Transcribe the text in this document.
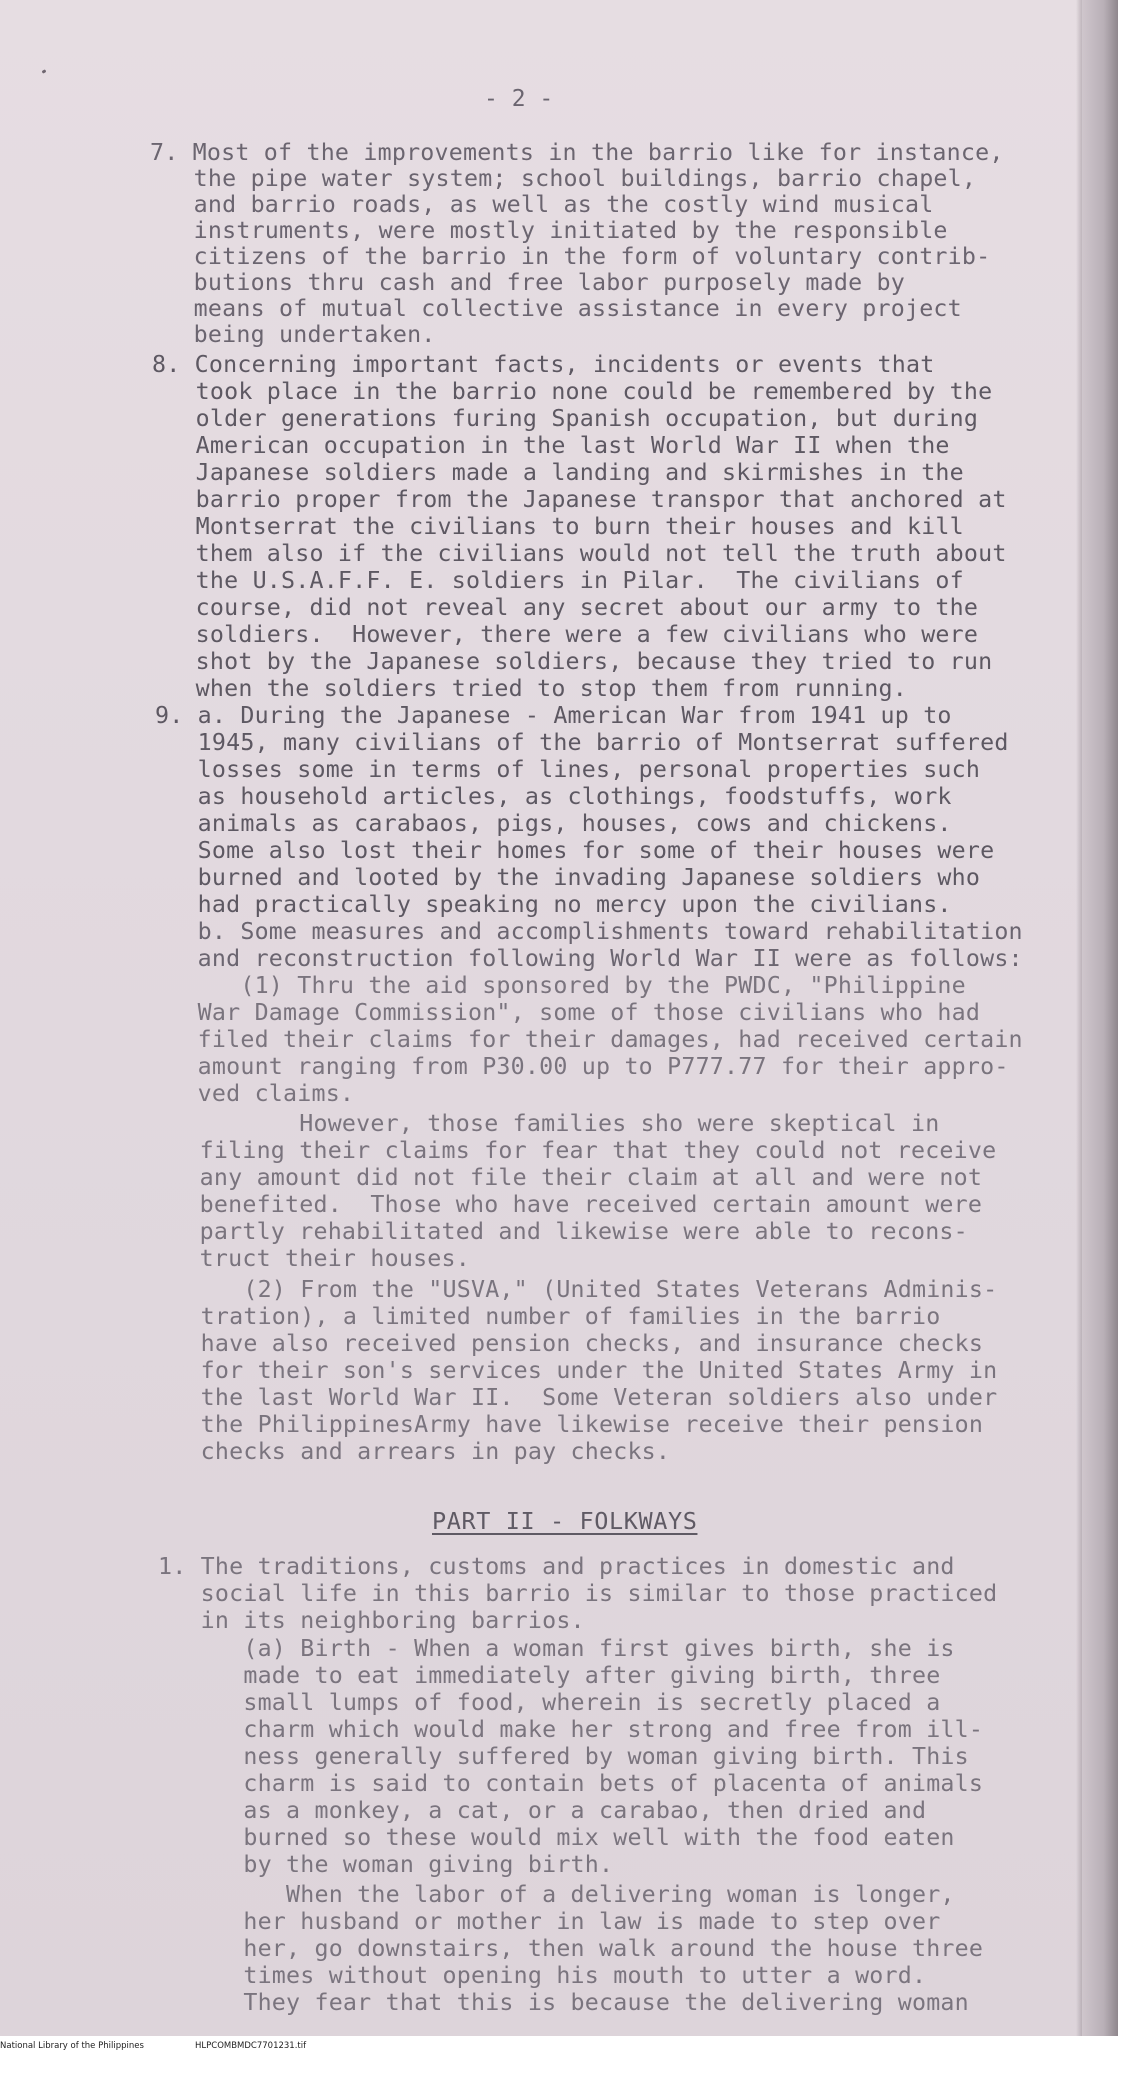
- 2 -
7. Most of the improvements in the barrio like for instance,
the pipe water system; school buildings, barrio chapel,
and barrio roads, as well as the costly wind musical
instruments, were mostly initiated by the responsible
citizens of the barrio in the form of voluntary contrib-
butions thru cash and free labor purposely made by
means of mutual collective assistance in every project
being undertaken.
8. Concerning important facts, incidents or events that
took place in the barrio none could be remembered by the
older generations furing Spanish occupation, but during
American occupation in the last World War II when the
Japanese soldiers made a landing and skirmishes in the
barrio proper from the Japanese transpor that anchored at
Montserrat the civilians to burn their houses and kill
them also if the civilians would not tell the truth about
the U.S.A.F.F. E. soldiers in Pilar.  The civilians of
course, did not reveal any secret about our army to the
soldiers.  However, there were a few civilians who were
shot by the Japanese soldiers, because they tried to run
when the soldiers tried to stop them from running.
9. a. During the Japanese - American War from 1941 up to
1945, many civilians of the barrio of Montserrat suffered
losses some in terms of lines, personal properties such
as household articles, as clothings, foodstuffs, work
animals as carabaos, pigs, houses, cows and chickens.
Some also lost their homes for some of their houses were
burned and looted by the invading Japanese soldiers who
had practically speaking no mercy upon the civilians.
b. Some measures and accomplishments toward rehabilitation
and reconstruction following World War II were as follows:
(1) Thru the aid sponsored by the PWDC, "Philippine
War Damage Commission", some of those civilians who had
filed their claims for their damages, had received certain
amount ranging from P30.00 up to P777.77 for their appro-
ved claims.
However, those families sho were skeptical in
filing their claims for fear that they could not receive
any amount did not file their claim at all and were not
benefited.  Those who have received certain amount were
partly rehabilitated and likewise were able to recons-
truct their houses.
(2) From the "USVA," (United States Veterans Adminis-
tration), a limited number of families in the barrio
have also received pension checks, and insurance checks
for their son's services under the United States Army in
the last World War II.  Some Veteran soldiers also under
the PhilippinesArmy have likewise receive their pension
checks and arrears in pay checks.
PART II - FOLKWAYS
1. The traditions, customs and practices in domestic and
social life in this barrio is similar to those practiced
in its neighboring barrios.
(a) Birth - When a woman first gives birth, she is
made to eat immediately after giving birth, three
small lumps of food, wherein is secretly placed a
charm which would make her strong and free from ill-
ness generally suffered by woman giving birth. This
charm is said to contain bets of placenta of animals
as a monkey, a cat, or a carabao, then dried and
burned so these would mix well with the food eaten
by the woman giving birth.
When the labor of a delivering woman is longer,
her husband or mother in law is made to step over
her, go downstairs, then walk around the house three
times without opening his mouth to utter a word.
They fear that this is because the delivering woman

National Library of the Philippines

	HLPCOMBMDC7701231.tif
